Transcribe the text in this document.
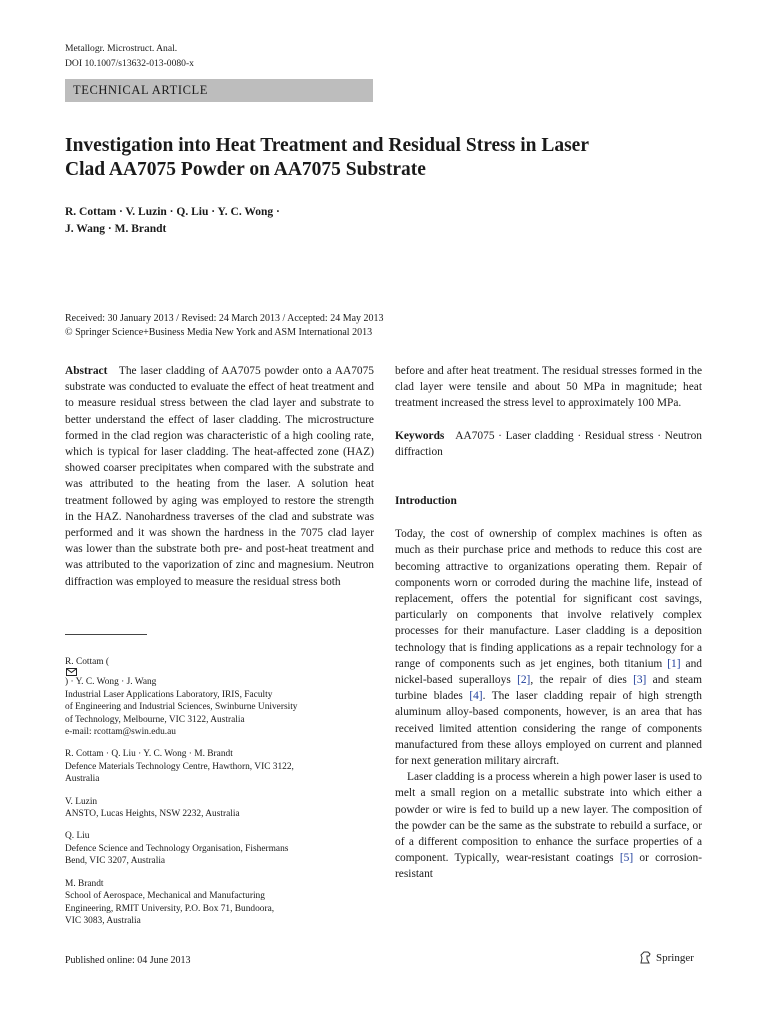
Metallogr. Microstruct. Anal.
DOI 10.1007/s13632-013-0080-x
TECHNICAL ARTICLE
Investigation into Heat Treatment and Residual Stress in Laser
Clad AA7075 Powder on AA7075 Substrate
R. Cottam · V. Luzin · Q. Liu · Y. C. Wong ·
J. Wang · M. Brandt
Received: 30 January 2013 / Revised: 24 March 2013 / Accepted: 24 May 2013
© Springer Science+Business Media New York and ASM International 2013

Abstract The laser cladding of AA7075 powder onto a AA7075 substrate was conducted to evaluate the effect of heat treatment and to measure residual stress between the clad layer and substrate to better understand the effect of laser cladding. The microstructure formed in the clad region was characteristic of a high cooling rate, which is typical for laser cladding. The heat-affected zone (HAZ) showed coarser precipitates when compared with the substrate and was attributed to the heating from the laser. A solution heat treatment followed by aging was employed to restore the strength in the HAZ. Nanohardness traverses of the clad and substrate was performed and it was shown the hardness in the 7075 clad layer was lower than the substrate both pre- and post-heat treatment and was attributed to the vaporization of zinc and magnesium. Neutron diffraction was employed to measure the residual stress both

R. Cottam (
) · Y. C. Wong · J. Wang
Industrial Laser Applications Laboratory, IRIS, Faculty
of Engineering and Industrial Sciences, Swinburne University
of Technology, Melbourne, VIC 3122, Australia
e-mail: rcottam@swin.edu.au
R. Cottam · Q. Liu · Y. C. Wong · M. Brandt
Defence Materials Technology Centre, Hawthorn, VIC 3122,
Australia
V. Luzin
ANSTO, Lucas Heights, NSW 2232, Australia
Q. Liu
Defence Science and Technology Organisation, Fishermans
Bend, VIC 3207, Australia
M. Brandt
School of Aerospace, Mechanical and Manufacturing
Engineering, RMIT University, P.O. Box 71, Bundoora,
VIC 3083, Australia

before and after heat treatment. The residual stresses formed in the clad layer were tensile and about 50 MPa in magnitude; heat treatment increased the stress level to approximately 100 MPa.

Keywords AA7075 · Laser cladding · Residual stress · Neutron diffraction

Introduction

Today, the cost of ownership of complex machines is often as much as their purchase price and methods to reduce this cost are becoming attractive to organizations operating them. Repair of components worn or corroded during the machine life, instead of replacement, offers the potential for significant cost savings, particularly on components that involve relatively complex processes for their manufacture. Laser cladding is a deposition technology that is finding applications as a repair technology for a range of components such as jet engines, both titanium [1] and nickel-based superalloys [2], the repair of dies [3] and steam turbine blades [4]. The laser cladding repair of high strength aluminum alloy-based components, however, is an area that has received limited attention considering the range of components manufactured from these alloys employed on current and planned for next generation military aircraft.

Laser cladding is a process wherein a high power laser is used to melt a small region on a metallic substrate into which either a powder or wire is fed to build up a new layer. The composition of the powder can be the same as the substrate to rebuild a surface, or of a different composition to enhance the surface properties of a component. Typically, wear-resistant coatings [5] or corrosion-resistant

Published online: 04 June 2013	Springer
